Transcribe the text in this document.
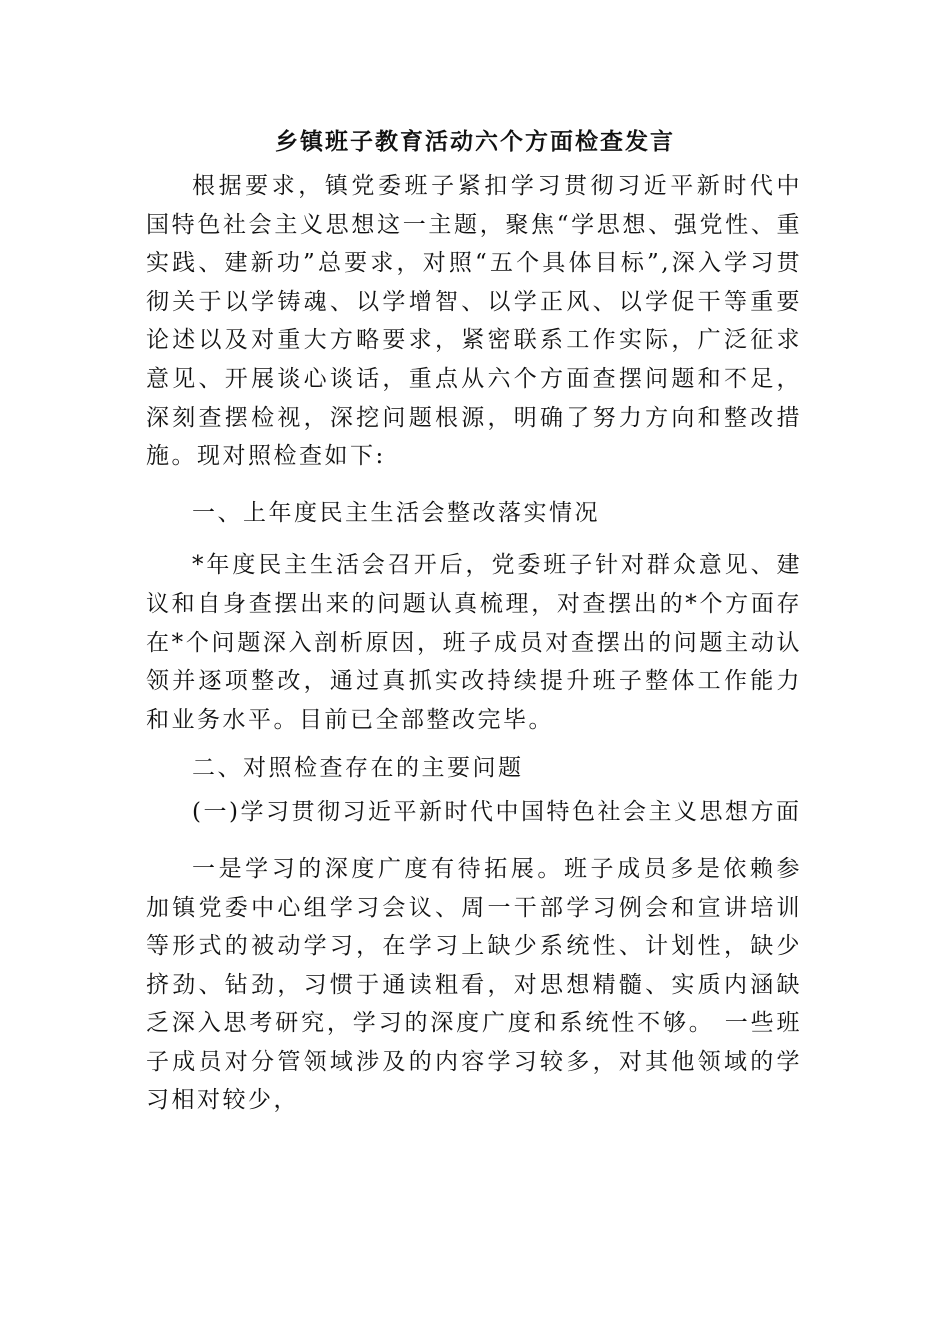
乡镇班子教育活动六个方面检查发言

根据要求，镇党委班子紧扣学习贯彻习近平新时代中国特色社会主义思想这一主题，聚焦“学思想、强党性、重实践、建新功”总要求，对照“五个具体目标”,深入学习贯彻关于以学铸魂、以学增智、以学正风、以学促干等重要论述以及对重大方略要求，紧密联系工作实际，广泛征求意见、开展谈心谈话，重点从六个方面查摆问题和不足，深刻查摆检视，深挖问题根源，明确了努力方向和整改措施。现对照检查如下:

一、上年度民主生活会整改落实情况

*年度民主生活会召开后，党委班子针对群众意见、建议和自身查摆出来的问题认真梳理，对查摆出的*个方面存在*个问题深入剖析原因，班子成员对查摆出的问题主动认领并逐项整改，通过真抓实改持续提升班子整体工作能力和业务水平。目前已全部整改完毕。

二、对照检查存在的主要问题

(一)学习贯彻习近平新时代中国特色社会主义思想方面

一是学习的深度广度有待拓展。班子成员多是依赖参加镇党委中心组学习会议、周一干部学习例会和宣讲培训等形式的被动学习，在学习上缺少系统性、计划性，缺少挤劲、钻劲，习惯于通读粗看，对思想精髓、实质内涵缺乏深入思考研究，学习的深度广度和系统性不够。 一些班子成员对分管领域涉及的内容学习较多，对其他领域的学习相对较少，
